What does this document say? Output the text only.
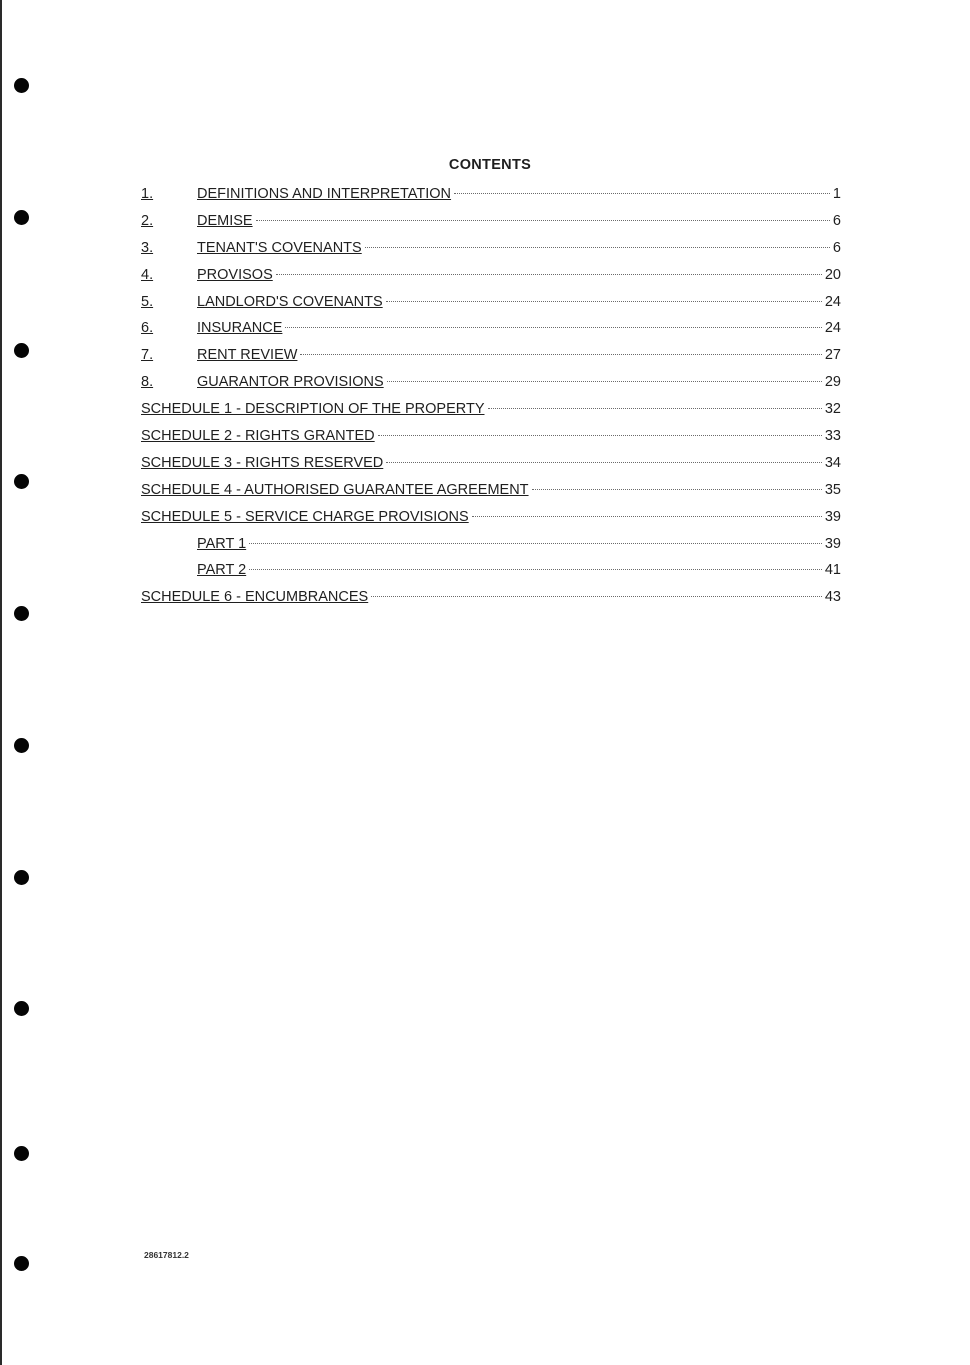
CONTENTS
1.	DEFINITIONS AND INTERPRETATION	1
2.	DEMISE	6
3.	TENANT'S COVENANTS	6
4.	PROVISOS	20
5.	LANDLORD'S COVENANTS	24
6.	INSURANCE	24
7.	RENT REVIEW	27
8.	GUARANTOR PROVISIONS	29
SCHEDULE 1 - DESCRIPTION OF THE PROPERTY	32
SCHEDULE 2 - RIGHTS GRANTED	33
SCHEDULE 3 - RIGHTS RESERVED	34
SCHEDULE 4 - AUTHORISED GUARANTEE AGREEMENT	35
SCHEDULE 5 - SERVICE CHARGE PROVISIONS	39
PART 1	39
PART 2	41
SCHEDULE 6 - ENCUMBRANCES	43
28617812.2
